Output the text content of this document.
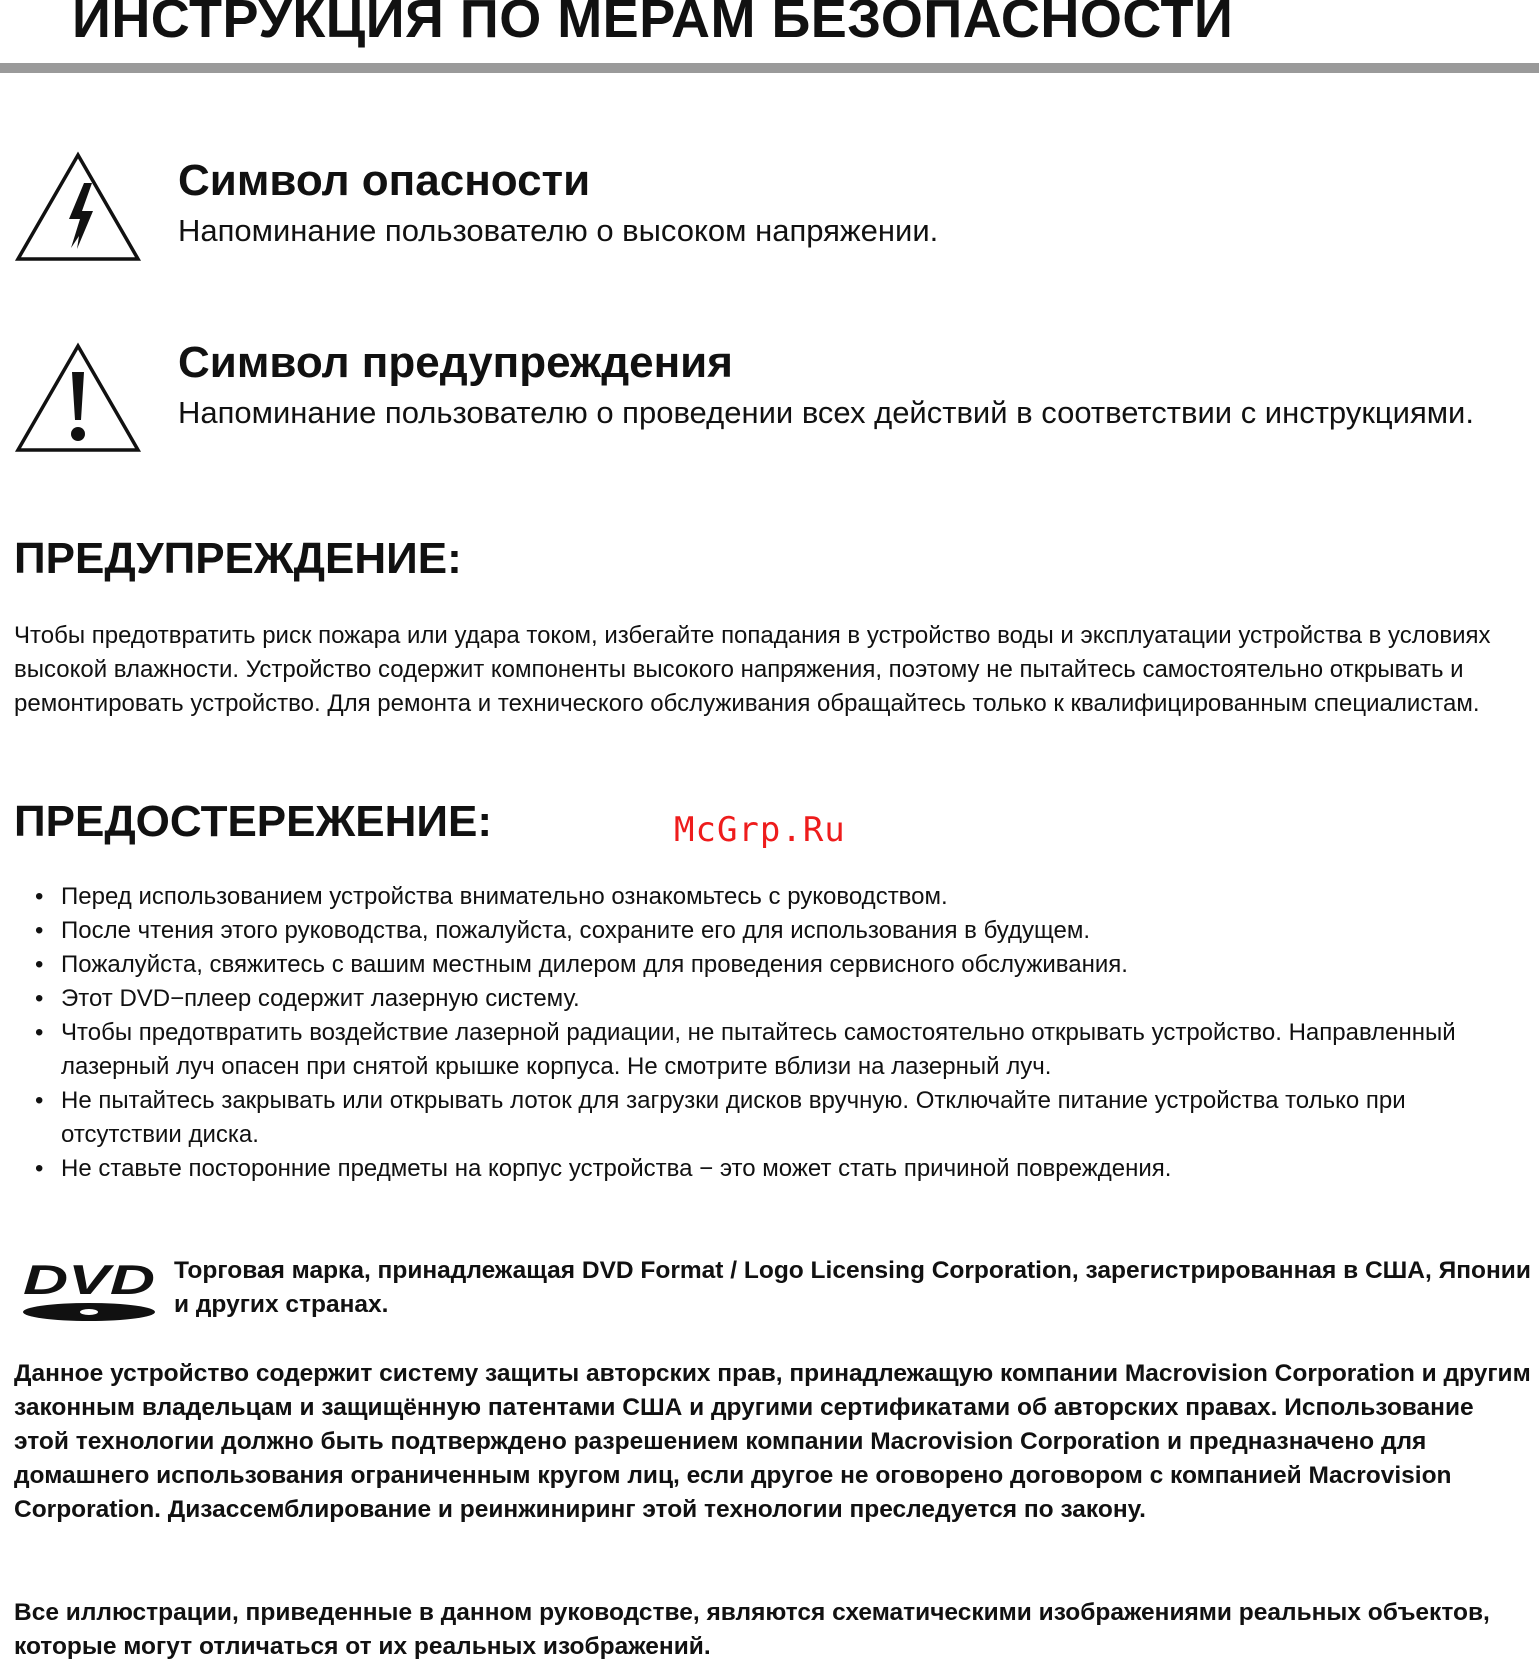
ИНСТРУКЦИЯ ПО МЕРАМ БЕЗОПАСНОСТИ
Символ опасности

Напоминание пользователю о высоком напряжении.

Символ предупреждения

Напоминание пользователю о проведении всех действий в соответствии с инструкциями.

ПРЕДУПРЕЖДЕНИЕ:

Чтобы предотвратить риск пожара или удара током, избегайте попадания в устройство воды и эксплуатации устройства в условиях высокой влажности. Устройство содержит компоненты высокого напряжения, поэтому не пытайтесь самостоятельно открывать и ремонтировать устройство. Для ремонта и технического обслуживания обращайтесь только к квалифицированным специалистам.

ПРЕДОСТЕРЕЖЕНИЕ:	McGrp.Ru

• Перед использованием устройства внимательно ознакомьтесь с руководством.
• После чтения этого руководства, пожалуйста, сохраните его для использования в будущем.
• Пожалуйста, свяжитесь с вашим местным дилером для проведения сервисного обслуживания.
• Этот DVD−плеер содержит лазерную систему.
• Чтобы предотвратить воздействие лазерной радиации, не пытайтесь самостоятельно открывать устройство. Направленный лазерный луч опасен при снятой крышке корпуса. Не смотрите вблизи на лазерный луч.
• Не пытайтесь закрывать или открывать лоток для загрузки дисков вручную. Отключайте питание устройства только при отсутствии диска.
• Не ставьте посторонние предметы на корпус устройства − это может стать причиной повреждения.
DVD Торговая марка, принадлежащая DVD Format / Logo Licensing Corporation, зарегистрированная в США, Японии и других странах.

Данное устройство содержит систему защиты авторских прав, принадлежащую компании Macrovision Corporation и другим законным владельцам и защищённую патентами США и другими сертификатами об авторских правах. Использование этой технологии должно быть подтверждено разрешением компании Macrovision Corporation и предназначено для домашнего использования ограниченным кругом лиц, если другое не оговорено договором с компанией Macrovision Corporation. Дизассемблирование и реинжиниринг этой технологии преследуется по закону.

Все иллюстрации, приведенные в данном руководстве, являются схематическими изображениями реальных объектов, которые могут отличаться от их реальных изображений.
